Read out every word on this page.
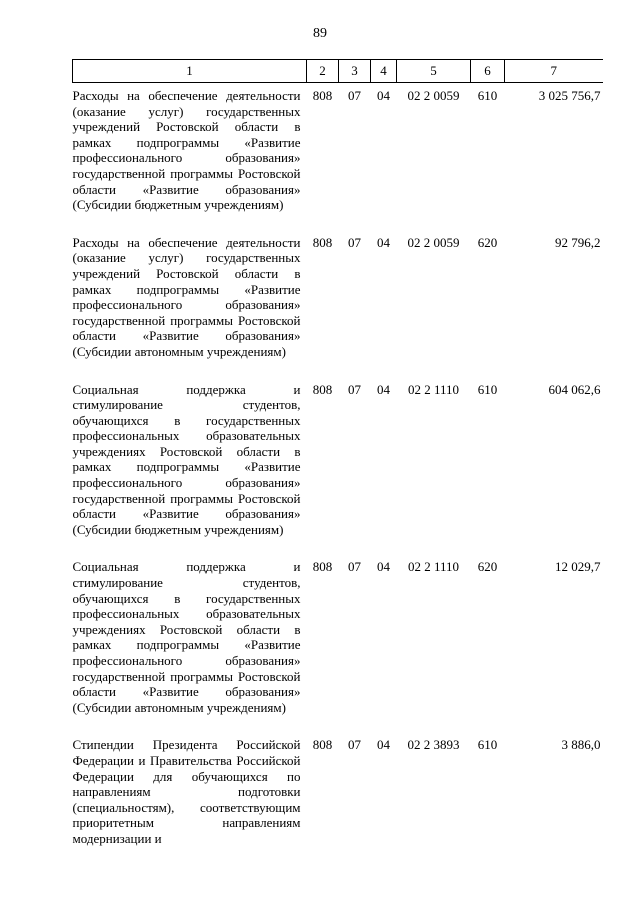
89
1	2	3	4	5	6	7
Расходы на обеспечение деятельности (оказание услуг) государственных учреждений Ростовской области в рамках подпрограммы «Развитие профессионального образования» государственной программы Ростовской области «Развитие образования» (Субсидии бюджетным учреждениям)	808	07	04	02 2 0059	610	3 025 756,7
Расходы на обеспечение деятельности (оказание услуг) государственных учреждений Ростовской области в рамках подпрограммы «Развитие профессионального образования» государственной программы Ростовской области «Развитие образования» (Субсидии автономным учреждениям)	808	07	04	02 2 0059	620	92 796,2
Социальная поддержка и стимулирование студентов, обучающихся в государственных профессиональных образовательных учреждениях Ростовской области в рамках подпрограммы «Развитие профессионального образования» государственной программы Ростовской области «Развитие образования» (Субсидии бюджетным учреждениям)	808	07	04	02 2 1110	610	604 062,6
Социальная поддержка и стимулирование студентов, обучающихся в государственных профессиональных образовательных учреждениях Ростовской области в рамках подпрограммы «Развитие профессионального образования» государственной программы Ростовской области «Развитие образования» (Субсидии автономным учреждениям)	808	07	04	02 2 1110	620	12 029,7
Стипендии Президента Российской Федерации и Правительства Российской Федерации для обучающихся по направлениям подготовки (специальностям), соответствующим приоритетным направлениям модернизации и	808	07	04	02 2 3893	610	3 886,0
